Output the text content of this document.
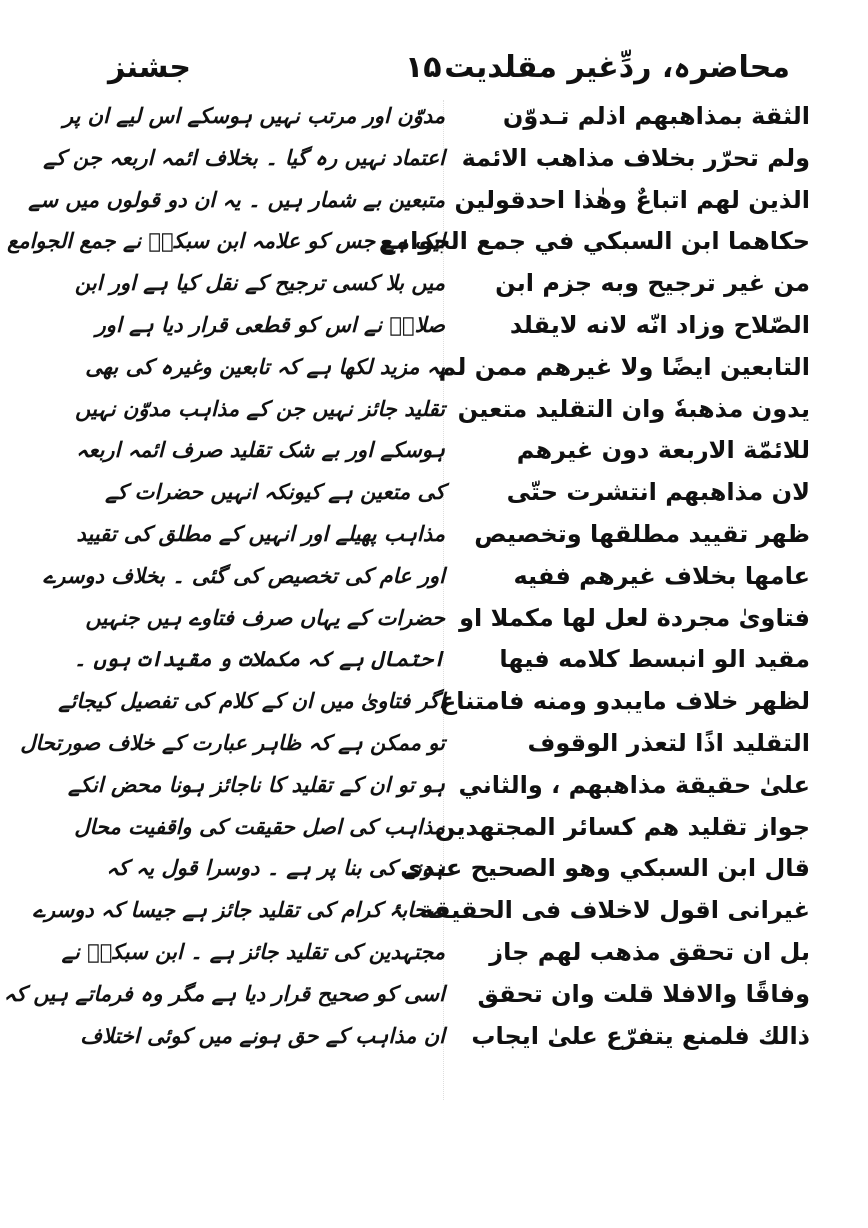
جشنز	۱۵ محاضرہ، ردِّغیر مقلدیت
الثقة بمذاهبهم اذلم تـدوّن
ولم تحرّر بخلاف مذاهب الائمة
الذين لهم اتباعٌ وهٰذا احدقولين
حكاهما ابن السبكي في جمع الجوامع
من غير ترجيح وبه جزم ابن
الصّلاح وزاد انّه لانه لايقلد
التابعين ايضًا ولا غيرهم ممن لم
يدون مذهبهٗ وان التقليد متعين
للائمّة الاربعة دون غيرهم
لان مذاهبهم انتشرت حتّى
ظهر تقييد مطلقها وتخصيص
عامها بخلاف غيرهم ففيه
فتاوىٰ مجردة لعل لها مكملا او
مقيد الو انبسط كلامه فيها
لظهر خلاف مايبدو ومنه فامتناع
التقليد اذًا لتعذر الوقوف
علىٰ حقيقة مذاهبهم ، والثاني
جواز تقليد هم كسائر المجتهدين
قال ابن السبكي وهو الصحيح عندى
غيرانى اقول لاخلاف فى الحقيقة
بل ان تحقق مذهب لهم جاز
وفاقًا والافلا قلت وان تحقق
ذالك فلمنع يتفرّع علىٰ ايجاب
مدوّن اور مرتب نہیں ہوسکے اس لیے ان پر
اعتماد نہیں رہ گیا ۔ بخلاف ائمہ اربعہ جن کے
متبعین بے شمار ہیں ۔ یہ ان دو قولوں میں سے
ایک ہے جس کو علامہ ابن سبکیؒ نے جمع الجوامع
میں بلا کسی ترجیح کے نقل کیا ہے اور ابن
صلاحؒ نے اس کو قطعی قرار دیا ہے اور
یہ مزید لکھا ہے کہ تابعین وغیرہ کی بھی
تقلید جائز نہیں جن کے مذاہب مدوّن نہیں
ہوسکے اور بے شک تقلید صرف ائمہ اربعہ
کی متعین ہے کیونکہ انہیں حضرات کے
مذاہب پھیلے اور انہیں کے مطلق کی تقیید
اور عام کی تخصیص کی گئی ۔ بخلاف دوسرے
حضرات کے یہاں صرف فتاوے ہیں جنہیں
احتمال ہے کہ مکملات و مقیدات ہوں ۔
اگر فتاویٰ میں ان کے کلام کی تفصیل کیجائے
تو ممکن ہے کہ ظاہر عبارت کے خلاف صورتحال
ہو تو ان کے تقلید کا ناجائز ہونا محض انکے
مذاہب کی اصل حقیقت کی واقفیت محال
ہونے کی بنا پر ہے ۔ دوسرا قول یہ کہ
صحابۂ کرام کی تقلید جائز ہے جیسا کہ دوسرے
مجتہدین کی تقلید جائز ہے ۔ ابن سبکیؒ نے
اسی کو صحیح قرار دیا ہے مگر وہ فرماتے ہیں کہ
ان مذاہب کے حق ہونے میں کوئی اختلاف
